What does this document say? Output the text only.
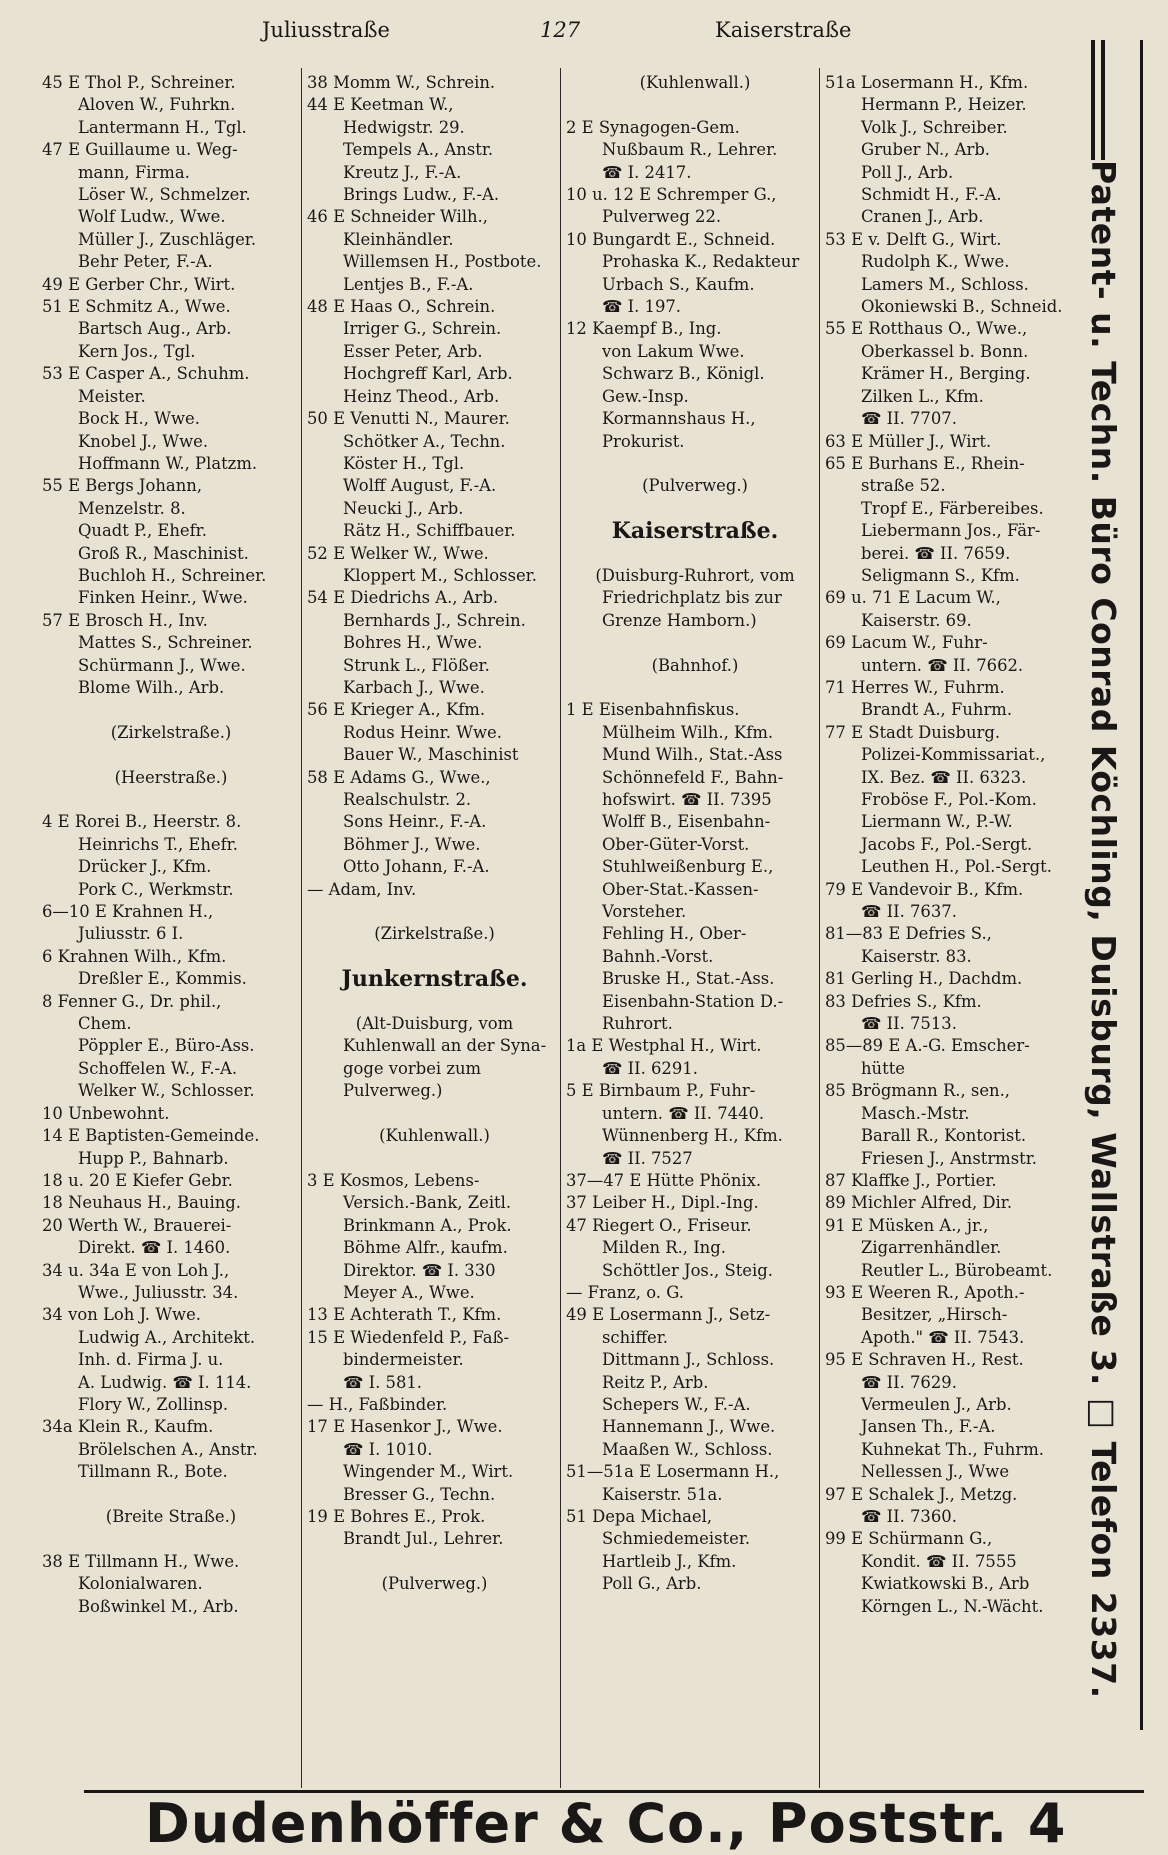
Juliusstraße	127	Kaiserstraße
45 E Thol P., Schreiner.
Aloven W., Fuhrkn.
Lantermann H., Tgl.
47 E Guillaume u. Weg-
mann, Firma.
Löser W., Schmelzer.
Wolf Ludw., Wwe.
Müller J., Zuschläger.
Behr Peter, F.-A.
49 E Gerber Chr., Wirt.
51 E Schmitz A., Wwe.
Bartsch Aug., Arb.
Kern Jos., Tgl.
53 E Casper A., Schuhm.
Meister.
Bock H., Wwe.
Knobel J., Wwe.
Hoffmann W., Platzm.
55 E Bergs Johann,
Menzelstr. 8.
Quadt P., Ehefr.
Groß R., Maschinist.
Buchloh H., Schreiner.
Finken Heinr., Wwe.
57 E Brosch H., Inv.
Mattes S., Schreiner.
Schürmann J., Wwe.
Blome Wilh., Arb.

(Zirkelstraße.)

(Heerstraße.)

4 E Rorei B., Heerstr. 8.
Heinrichs T., Ehefr.
Drücker J., Kfm.
Pork C., Werkmstr.
6—10 E Krahnen H.,
Juliusstr. 6 I.
6 Krahnen Wilh., Kfm.
Dreßler E., Kommis.
8 Fenner G., Dr. phil.,
Chem.
Pöppler E., Büro-Ass.
Schoffelen W., F.-A.
Welker W., Schlosser.
10 Unbewohnt.
14 E Baptisten-Gemeinde.
Hupp P., Bahnarb.
18 u. 20 E Kiefer Gebr.
18 Neuhaus H., Bauing.
20 Werth W., Brauerei-
Direkt. ☎ I. 1460.
34 u. 34a E von Loh J.,
Wwe., Juliusstr. 34.
34 von Loh J. Wwe.
Ludwig A., Architekt.
Inh. d. Firma J. u.
A. Ludwig. ☎ I. 114.
Flory W., Zollinsp.
34a Klein R., Kaufm.
Brölelschen A., Anstr.
Tillmann R., Bote.

(Breite Straße.)

38 E Tillmann H., Wwe.
Kolonialwaren.
Boßwinkel M., Arb.
38 Momm W., Schrein.
44 E Keetman W.,
Hedwigstr. 29.
Tempels A., Anstr.
Kreutz J., F.-A.
Brings Ludw., F.-A.
46 E Schneider Wilh.,
Kleinhändler.
Willemsen H., Postbote.
Lentjes B., F.-A.
48 E Haas O., Schrein.
Irriger G., Schrein.
Esser Peter, Arb.
Hochgreff Karl, Arb.
Heinz Theod., Arb.
50 E Venutti N., Maurer.
Schötker A., Techn.
Köster H., Tgl.
Wolff August, F.-A.
Neucki J., Arb.
Rätz H., Schiffbauer.
52 E Welker W., Wwe.
Kloppert M., Schlosser.
54 E Diedrichs A., Arb.
Bernhards J., Schrein.
Bohres H., Wwe.
Strunk L., Flößer.
Karbach J., Wwe.
56 E Krieger A., Kfm.
Rodus Heinr. Wwe.
Bauer W., Maschinist
58 E Adams G., Wwe.,
Realschulstr. 2.
Sons Heinr., F.-A.
Böhmer J., Wwe.
Otto Johann, F.-A.
— Adam, Inv.

(Zirkelstraße.)

Junkernstraße.

(Alt-Duisburg, vom
Kuhlenwall an der Syna-
goge vorbei zum
Pulverweg.)

(Kuhlenwall.)

3 E Kosmos, Lebens-
Versich.-Bank, Zeitl.
Brinkmann A., Prok.
Böhme Alfr., kaufm.
Direktor. ☎ I. 330
Meyer A., Wwe.
13 E Achterath T., Kfm.
15 E Wiedenfeld P., Faß-
bindermeister.
☎ I. 581.
— H., Faßbinder.
17 E Hasenkor J., Wwe.
☎ I. 1010.
Wingender M., Wirt.
Bresser G., Techn.
19 E Bohres E., Prok.
Brandt Jul., Lehrer.

(Pulverweg.)
(Kuhlenwall.)

2 E Synagogen-Gem.
Nußbaum R., Lehrer.
☎ I. 2417.
10 u. 12 E Schremper G.,
Pulverweg 22.
10 Bungardt E., Schneid.
Prohaska K., Redakteur
Urbach S., Kaufm.
☎ I. 197.
12 Kaempf B., Ing.
von Lakum Wwe.
Schwarz B., Königl.
Gew.-Insp.
Kormannshaus H.,
Prokurist.

(Pulverweg.)

Kaiserstraße.

(Duisburg-Ruhrort, vom
Friedrichplatz bis zur
Grenze Hamborn.)

(Bahnhof.)

1 E Eisenbahnfiskus.
Mülheim Wilh., Kfm.
Mund Wilh., Stat.-Ass
Schönnefeld F., Bahn-
hofswirt. ☎ II. 7395
Wolff B., Eisenbahn-
Ober-Güter-Vorst.
Stuhlweißenburg E.,
Ober-Stat.-Kassen-
Vorsteher.
Fehling H., Ober-
Bahnh.-Vorst.
Bruske H., Stat.-Ass.
Eisenbahn-Station D.-
Ruhrort.
1a E Westphal H., Wirt.
☎ II. 6291.
5 E Birnbaum P., Fuhr-
untern. ☎ II. 7440.
Wünnenberg H., Kfm.
☎ II. 7527
37—47 E Hütte Phönix.
37 Leiber H., Dipl.-Ing.
47 Riegert O., Friseur.
Milden R., Ing.
Schöttler Jos., Steig.
— Franz, o. G.
49 E Losermann J., Setz-
schiffer.
Dittmann J., Schloss.
Reitz P., Arb.
Schepers W., F.-A.
Hannemann J., Wwe.
Maaßen W., Schloss.
51—51a E Losermann H.,
Kaiserstr. 51a.
51 Depa Michael,
Schmiedemeister.
Hartleib J., Kfm.
Poll G., Arb.
51a Losermann H., Kfm.
Hermann P., Heizer.
Volk J., Schreiber.
Gruber N., Arb.
Poll J., Arb.
Schmidt H., F.-A.
Cranen J., Arb.
53 E v. Delft G., Wirt.
Rudolph K., Wwe.
Lamers M., Schloss.
Okoniewski B., Schneid.
55 E Rotthaus O., Wwe.,
Oberkassel b. Bonn.
Krämer H., Berging.
Zilken L., Kfm.
☎ II. 7707.
63 E Müller J., Wirt.
65 E Burhans E., Rhein-
straße 52.
Tropf E., Färbereibes.
Liebermann Jos., Fär-
berei. ☎ II. 7659.
Seligmann S., Kfm.
69 u. 71 E Lacum W.,
Kaiserstr. 69.
69 Lacum W., Fuhr-
untern. ☎ II. 7662.
71 Herres W., Fuhrm.
Brandt A., Fuhrm.
77 E Stadt Duisburg.
Polizei-Kommissariat.,
IX. Bez. ☎ II. 6323.
Froböse F., Pol.-Kom.
Liermann W., P.-W.
Jacobs F., Pol.-Sergt.
Leuthen H., Pol.-Sergt.
79 E Vandevoir B., Kfm.
☎ II. 7637.
81—83 E Defries S.,
Kaiserstr. 83.
81 Gerling H., Dachdm.
83 Defries S., Kfm.
☎ II. 7513.
85—89 E A.-G. Emscher-
hütte
85 Brögmann R., sen.,
Masch.-Mstr.
Barall R., Kontorist.
Friesen J., Anstrmstr.
87 Klaffke J., Portier.
89 Michler Alfred, Dir.
91 E Müsken A., jr.,
Zigarrenhändler.
Reutler L., Bürobeamt.
93 E Weeren R., Apoth.-
Besitzer, „Hirsch-
Apoth." ☎ II. 7543.
95 E Schraven H., Rest.
☎ II. 7629.
Vermeulen J., Arb.
Jansen Th., F.-A.
Kuhnekat Th., Fuhrm.
Nellessen J., Wwe
97 E Schalek J., Metzg.
☎ II. 7360.
99 E Schürmann G.,
Kondit. ☎ II. 7555
Kwiatkowski B., Arb
Körngen L., N.-Wächt.	Patent- u. Techn. Büro Conrad Köchling, Duisburg, Wallstraße 3. □ Telefon 2337.
Dudenhöffer & Co., Poststr. 4
